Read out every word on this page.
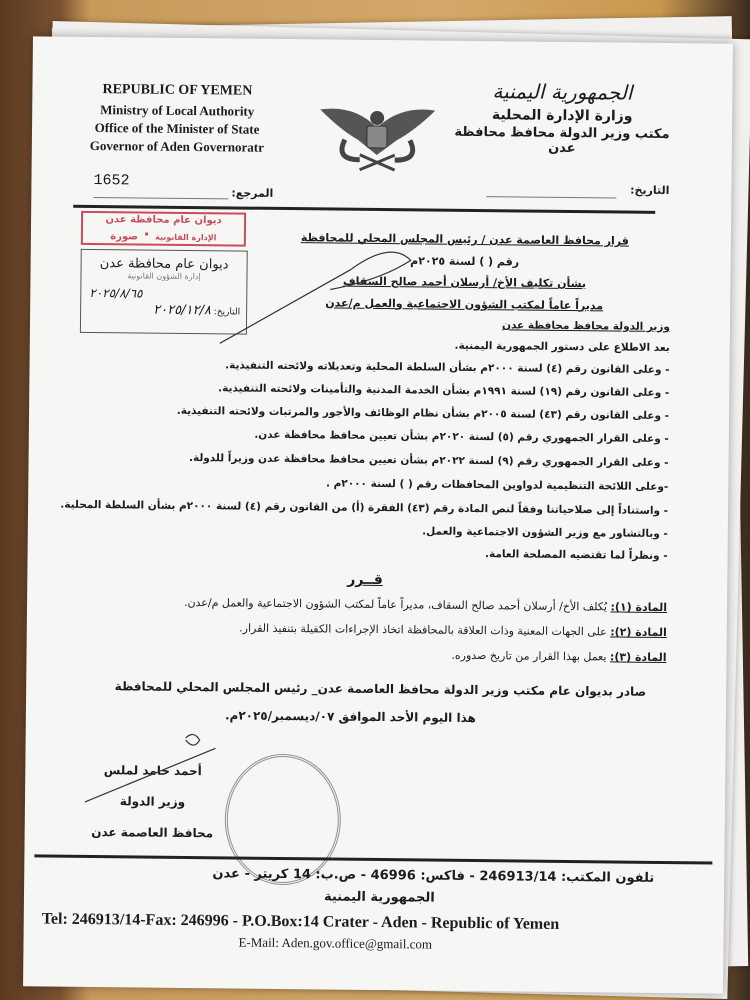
REPUBLIC OF YEMEN
Ministry of Local Authority
Office of the Minister of State
Governor of Aden Governoratr
1652
المرجع:
الجمهورية اليمنية
وزارة الإدارة المحلية
مكتب وزير الدولة محافظ محافظة عدن
التاريخ:
قرار محافظ العاصمة عدن / رئيس المجلس المحلي للمحافظة
رقم ( ) لسنة ٢٠٢٥م
بشأن تكليف الأخ/ أرسلان أحمد صالح السقاف
مديراً عاماً لمكتب الشؤون الاجتماعية والعمل م/عدن
ديوان عام محافظة عدن
الإدارة القانونية · صورة
ديوان عام محافظة عدن
إدارة الشؤون القانونية
٢٠٢٥/٨/٦٥
التاريخ: ٢٠٢٥/١٢/٨
وزير الدولة محافظ محافظة عدن
بعد الاطلاع على دستور الجمهورية اليمنية.
- وعلى القانون رقم (٤) لسنة ٢٠٠٠م بشأن السلطة المحلية وتعديلاته ولائحته التنفيذية.
- وعلى القانون رقم (١٩) لسنة ١٩٩١م بشأن الخدمة المدنية والتأمينات ولائحته التنفيذية.
- وعلى القانون رقم (٤٣) لسنة ٢٠٠٥م بشأن نظام الوظائف والأجور والمرتبات ولائحته التنفيذية.
- وعلى القرار الجمهوري رقم (٥) لسنة ٢٠٢٠م بشأن تعيين محافظ محافظة عدن.
- وعلى القرار الجمهوري رقم (٩) لسنة ٢٠٢٢م بشأن تعيين محافظ محافظة عدن وزيراً للدولة.
-وعلى اللائحة التنظيمية لدواوين المحافظات رقم ( ) لسنة ٢٠٠٠م .
- واستناداً إلى صلاحياتنا وفقاً لنص المادة رقم (٤٣) الفقرة (أ) من القانون رقم (٤) لسنة ٢٠٠٠م بشأن السلطة المحلية.
- وبالتشاور مع وزير الشؤون الاجتماعية والعمل.
- ونظراً لما تقتضيه المصلحة العامة.
قــرر
المادة (١): يُكلف الأخ/ أرسلان أحمد صالح السقاف، مديراً عاماً لمكتب الشؤون الاجتماعية والعمل م/عدن.
المادة (٢): على الجهات المعنية وذات العلاقة بالمحافظة اتخاذ الإجراءات الكفيلة بتنفيذ القرار.
المادة (٣): يعمل بهذا القرار من تاريخ صدوره.
صادر بديوان عام مكتب وزير الدولة محافظ العاصمة عدن_ رئيس المجلس المحلي للمحافظة
هذا اليوم الأحد الموافق ٠٧/ديسمبر/٢٠٢٥م.
أحمد حامد لملس
وزير الدولة
محافظ العاصمة عدن
تلفون المكتب: 246913/14 - فاكس: 46996 - ص.ب: 14 كريتر - عدن
الجمهورية اليمنية
Tel: 246913/14-Fax: 246996 - P.O.Box:14 Crater - Aden - Republic of Yemen
E-Mail: Aden.gov.office@gmail.com
